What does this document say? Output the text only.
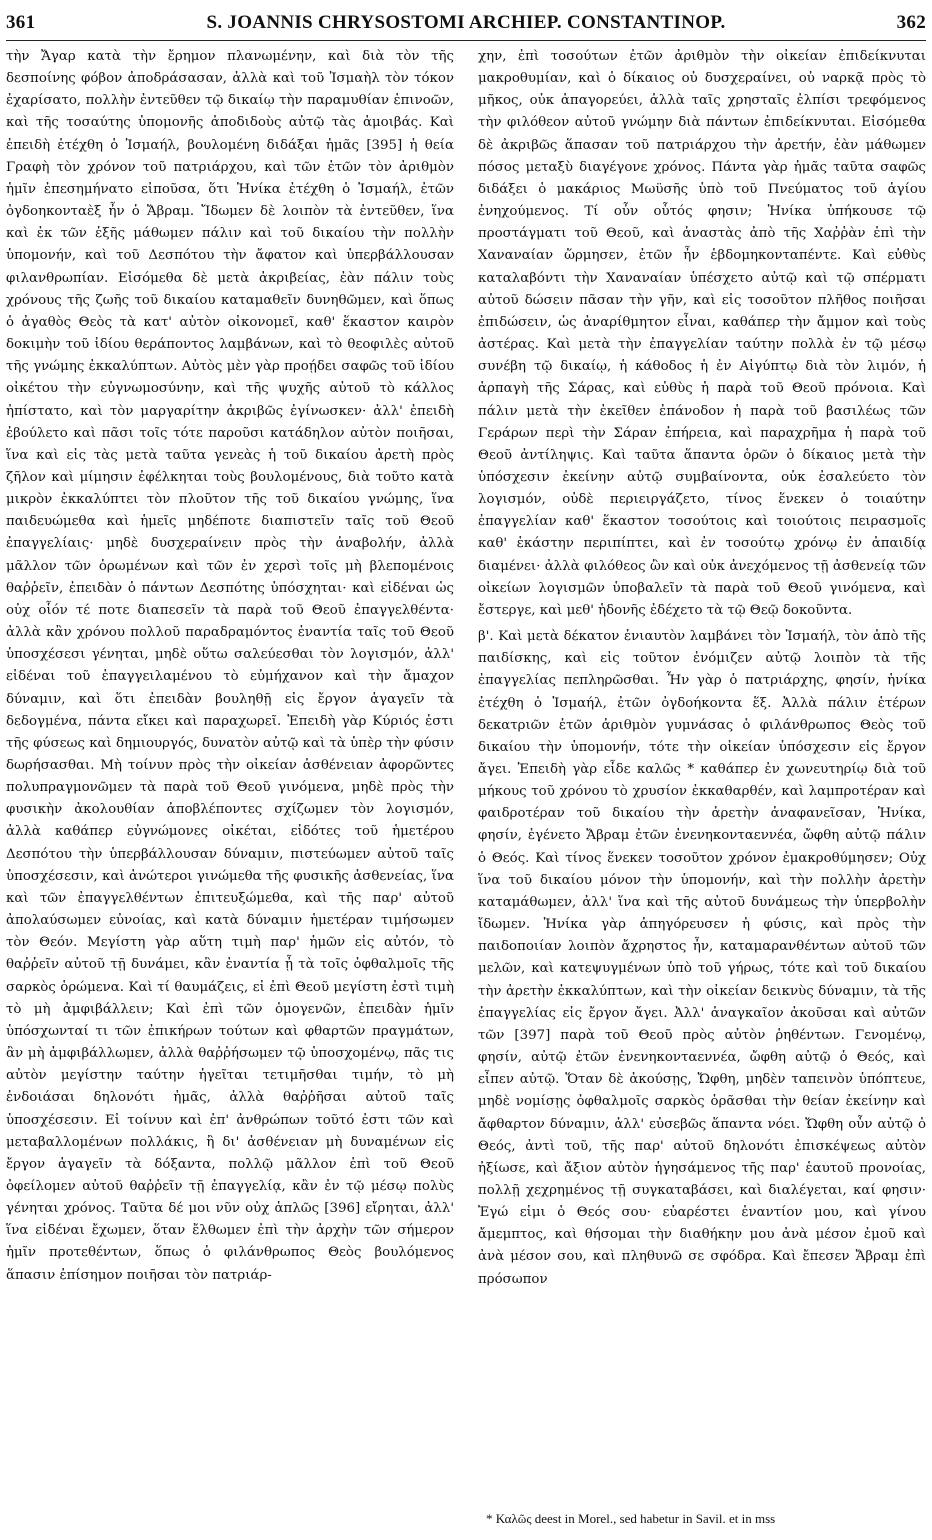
361	S. JOANNIS CHRYSOSTOMI ARCHIEP. CONSTANTINOP.	362

τὴν Ἄγαρ κατὰ τὴν ἔρημον πλανωμένην, καὶ διὰ τὸν τῆς δεσποίνης φόβον ἀποδράσασαν, ἀλλὰ καὶ τοῦ Ἰσμαὴλ τὸν τόκον ἐχαρίσατο, πολλὴν ἐντεῦθεν τῷ δικαίῳ τὴν παραμυθίαν ἐπινοῶν, καὶ τῆς τοσαύτης ὑπομονῆς ἀποδιδοὺς αὐτῷ τὰς ἀμοιβάς. Καὶ ἐπειδὴ ἐτέχθη ὁ Ἰσμαήλ, βουλομένη διδάξαι ἡμᾶς [395] ἡ θεία Γραφὴ τὸν χρόνον τοῦ πατριάρχου, καὶ τῶν ἐτῶν τὸν ἀριθμὸν ἡμῖν ἐπεσημήνατο εἰποῦσα, ὅτι Ἡνίκα ἐτέχθη ὁ Ἰσμαήλ, ἐτῶν ὀγδοηκονταὲξ ἦν ὁ Ἄβραμ. Ἴδωμεν δὲ λοιπὸν τὰ ἐντεῦθεν, ἵνα καὶ ἐκ τῶν ἑξῆς μάθωμεν πάλιν καὶ τοῦ δικαίου τὴν πολλὴν ὑπομονήν, καὶ τοῦ Δεσπότου τὴν ἄφατον καὶ ὑπερβάλλουσαν φιλανθρωπίαν. Εἰσόμεθα δὲ μετὰ ἀκριβείας, ἐὰν πάλιν τοὺς χρόνους τῆς ζωῆς τοῦ δικαίου καταμαθεῖν δυνηθῶμεν, καὶ ὅπως ὁ ἀγαθὸς Θεὸς τὰ κατ' αὐτὸν οἰκονομεῖ, καθ' ἕκαστον καιρὸν δοκιμὴν τοῦ ἰδίου θεράποντος λαμβάνων, καὶ τὸ θεοφιλὲς αὐτοῦ τῆς γνώμης ἐκκαλύπτων. Αὐτὸς μὲν γὰρ προῄδει σαφῶς τοῦ ἰδίου οἰκέτου τὴν εὐγνωμοσύνην, καὶ τῆς ψυχῆς αὐτοῦ τὸ κάλλος ἠπίστατο, καὶ τὸν μαργαρίτην ἀκριβῶς ἐγίνωσκεν· ἀλλ' ἐπειδὴ ἐβούλετο καὶ πᾶσι τοῖς τότε παροῦσι κατάδηλον αὐτὸν ποιῆσαι, ἵνα καὶ εἰς τὰς μετὰ ταῦτα γενεὰς ἡ τοῦ δικαίου ἀρετὴ πρὸς ζῆλον καὶ μίμησιν ἐφέλκηται τοὺς βουλομένους, διὰ τοῦτο κατὰ μικρὸν ἐκκαλύπτει τὸν πλοῦτον τῆς τοῦ δικαίου γνώμης, ἵνα παιδευώμεθα καὶ ἡμεῖς μηδέποτε διαπιστεῖν ταῖς τοῦ Θεοῦ ἐπαγγελίαις· μηδὲ δυσχεραίνειν πρὸς τὴν ἀναβολήν, ἀλλὰ μᾶλλον τῶν ὁρωμένων καὶ τῶν ἐν χερσὶ τοῖς μὴ βλεπομένοις θαῤῥεῖν, ἐπειδὰν ὁ πάντων Δεσπότης ὑπόσχηται· καὶ εἰδέναι ὡς οὐχ οἷόν τέ ποτε διαπεσεῖν τὰ παρὰ τοῦ Θεοῦ ἐπαγγελθέντα· ἀλλὰ κἂν χρόνου πολλοῦ παραδραμόντος ἐναντία ταῖς τοῦ Θεοῦ ὑποσχέσεσι γένηται, μηδὲ οὕτω σαλεύεσθαι τὸν λογισμόν, ἀλλ' εἰδέναι τοῦ ἐπαγγειλαμένου τὸ εὐμήχανον καὶ τὴν ἄμαχον δύναμιν, καὶ ὅτι ἐπειδὰν βουληθῇ εἰς ἔργον ἀγαγεῖν τὰ δεδογμένα, πάντα εἴκει καὶ παραχωρεῖ. Ἐπειδὴ γὰρ Κύριός ἐστι τῆς φύσεως καὶ δημιουργός, δυνατὸν αὐτῷ καὶ τὰ ὑπὲρ τὴν φύσιν δωρήσασθαι. Μὴ τοίνυν πρὸς τὴν οἰκείαν ἀσθένειαν ἀφορῶντες πολυπραγμονῶμεν τὰ παρὰ τοῦ Θεοῦ γινόμενα, μηδὲ πρὸς τὴν φυσικὴν ἀκολουθίαν ἀποβλέποντες σχίζωμεν τὸν λογισμόν, ἀλλὰ καθάπερ εὐγνώμονες οἰκέται, εἰδότες τοῦ ἡμετέρου Δεσπότου τὴν ὑπερβάλλουσαν δύναμιν, πιστεύωμεν αὐτοῦ ταῖς ὑποσχέσεσιν, καὶ ἀνώτεροι γινώμεθα τῆς φυσικῆς ἀσθενείας, ἵνα καὶ τῶν ἐπαγγελθέντων ἐπιτευξώμεθα, καὶ τῆς παρ' αὐτοῦ ἀπολαύσωμεν εὐνοίας, καὶ κατὰ δύναμιν ἡμετέραν τιμήσωμεν τὸν Θεόν. Μεγίστη γὰρ αὕτη τιμὴ παρ' ἡμῶν εἰς αὐτόν, τὸ θαῤῥεῖν αὐτοῦ τῇ δυνάμει, κἂν ἐναντία ᾖ τὰ τοῖς ὀφθαλμοῖς τῆς σαρκὸς ὁρώμενα. Καὶ τί θαυμάζεις, εἰ ἐπὶ Θεοῦ μεγίστη ἐστὶ τιμὴ τὸ μὴ ἀμφιβάλλειν; Καὶ ἐπὶ τῶν ὁμογενῶν, ἐπειδὰν ἡμῖν ὑπόσχωνταί τι τῶν ἐπικήρων τούτων καὶ φθαρτῶν πραγμάτων, ἂν μὴ ἀμφιβάλλωμεν, ἀλλὰ θαῤῥήσωμεν τῷ ὑποσχομένῳ, πᾶς τις αὐτὸν μεγίστην ταύτην ἡγεῖται τετιμῆσθαι τιμήν, τὸ μὴ ἐνδοιάσαι δηλονότι ἡμᾶς, ἀλλὰ θαῤῥῆσαι αὐτοῦ ταῖς ὑποσχέσεσιν. Εἰ τοίνυν καὶ ἐπ' ἀνθρώπων τοῦτό ἐστι τῶν καὶ μεταβαλλομένων πολλάκις, ἢ δι' ἀσθένειαν μὴ δυναμένων εἰς ἔργον ἀγαγεῖν τὰ δόξαντα, πολλῷ μᾶλλον ἐπὶ τοῦ Θεοῦ ὀφείλομεν αὐτοῦ θαῤῥεῖν τῇ ἐπαγγελίᾳ, κἂν ἐν τῷ μέσῳ πολὺς γένηται χρόνος. Ταῦτα δέ μοι νῦν οὐχ ἁπλῶς [396] εἴρηται, ἀλλ' ἵνα εἰδέναι ἔχωμεν, ὅταν ἔλθωμεν ἐπὶ τὴν ἀρχὴν τῶν σήμερον ἡμῖν προτεθέντων, ὅπως ὁ φιλάνθρωπος Θεὸς βουλόμενος ἅπασιν ἐπίσημον ποιῆσαι τὸν πατριάρ-

χην, ἐπὶ τοσούτων ἐτῶν ἀριθμὸν τὴν οἰκείαν ἐπιδείκνυται μακροθυμίαν, καὶ ὁ δίκαιος οὐ δυσχεραίνει, οὐ ναρκᾷ πρὸς τὸ μῆκος, οὐκ ἀπαγορεύει, ἀλλὰ ταῖς χρησταῖς ἐλπίσι τρεφόμενος τὴν φιλόθεον αὐτοῦ γνώμην διὰ πάντων ἐπιδείκνυται. Εἰσόμεθα δὲ ἀκριβῶς ἅπασαν τοῦ πατριάρχου τὴν ἀρετήν, ἐὰν μάθωμεν πόσος μεταξὺ διαγέγονε χρόνος. Πάντα γὰρ ἡμᾶς ταῦτα σαφῶς διδάξει ὁ μακάριος Μωϋσῆς ὑπὸ τοῦ Πνεύματος τοῦ ἁγίου ἐνηχούμενος. Τί οὖν οὗτός φησιν; Ἡνίκα ὑπήκουσε τῷ προστάγματι τοῦ Θεοῦ, καὶ ἀναστὰς ἀπὸ τῆς Χαῤῥὰν ἐπὶ τὴν Χαναναίαν ὥρμησεν, ἐτῶν ἦν ἑβδομηκονταπέντε. Καὶ εὐθὺς καταλαβόντι τὴν Χαναναίαν ὑπέσχετο αὐτῷ καὶ τῷ σπέρματι αὐτοῦ δώσειν πᾶσαν τὴν γῆν, καὶ εἰς τοσοῦτον πλῆθος ποιῆσαι ἐπιδώσειν, ὡς ἀναρίθμητον εἶναι, καθάπερ τὴν ἄμμον καὶ τοὺς ἀστέρας. Καὶ μετὰ τὴν ἐπαγγελίαν ταύτην πολλὰ ἐν τῷ μέσῳ συνέβη τῷ δικαίῳ, ἡ κάθοδος ἡ ἐν Αἰγύπτῳ διὰ τὸν λιμόν, ἡ ἁρπαγὴ τῆς Σάρας, καὶ εὐθὺς ἡ παρὰ τοῦ Θεοῦ πρόνοια. Καὶ πάλιν μετὰ τὴν ἐκεῖθεν ἐπάνοδον ἡ παρὰ τοῦ βασιλέως τῶν Γεράρων περὶ τὴν Σάραν ἐπήρεια, καὶ παραχρῆμα ἡ παρὰ τοῦ Θεοῦ ἀντίληψις. Καὶ ταῦτα ἅπαντα ὁρῶν ὁ δίκαιος μετὰ τὴν ὑπόσχεσιν ἐκείνην αὐτῷ συμβαίνοντα, οὐκ ἐσαλεύετο τὸν λογισμόν, οὐδὲ περιειργάζετο, τίνος ἕνεκεν ὁ τοιαύτην ἐπαγγελίαν καθ' ἕκαστον τοσούτοις καὶ τοιούτοις πειρασμοῖς καθ' ἑκάστην περιπίπτει, καὶ ἐν τοσούτῳ χρόνῳ ἐν ἀπαιδίᾳ διαμένει· ἀλλὰ φιλόθεος ὢν καὶ οὐκ ἀνεχόμενος τῇ ἀσθενείᾳ τῶν οἰκείων λογισμῶν ὑποβαλεῖν τὰ παρὰ τοῦ Θεοῦ γινόμενα, καὶ ἔστεργε, καὶ μεθ' ἡδονῆς ἐδέχετο τὰ τῷ Θεῷ δοκοῦντα.

β'. Καὶ μετὰ δέκατον ἐνιαυτὸν λαμβάνει τὸν Ἰσμαήλ, τὸν ἀπὸ τῆς παιδίσκης, καὶ εἰς τοῦτον ἐνόμιζεν αὐτῷ λοιπὸν τὰ τῆς ἐπαγγελίας πεπληρῶσθαι. Ἦν γὰρ ὁ πατριάρχης, φησίν, ἡνίκα ἐτέχθη ὁ Ἰσμαήλ, ἐτῶν ὀγδοήκοντα ἕξ. Ἀλλὰ πάλιν ἑτέρων δεκατριῶν ἐτῶν ἀριθμὸν γυμνάσας ὁ φιλάνθρωπος Θεὸς τοῦ δικαίου τὴν ὑπομονήν, τότε τὴν οἰκείαν ὑπόσχεσιν εἰς ἔργον ἄγει. Ἐπειδὴ γὰρ εἶδε καλῶς * καθάπερ ἐν χωνευτηρίῳ διὰ τοῦ μήκους τοῦ χρόνου τὸ χρυσίον ἐκκαθαρθέν, καὶ λαμπροτέραν καὶ φαιδροτέραν τοῦ δικαίου τὴν ἀρετὴν ἀναφανεῖσαν, Ἡνίκα, φησίν, ἐγένετο Ἄβραμ ἐτῶν ἐνενηκονταεννέα, ὤφθη αὐτῷ πάλιν ὁ Θεός. Καὶ τίνος ἕνεκεν τοσοῦτον χρόνον ἐμακροθύμησεν; Οὐχ ἵνα τοῦ δικαίου μόνον τὴν ὑπομονήν, καὶ τὴν πολλὴν ἀρετὴν καταμάθωμεν, ἀλλ' ἵνα καὶ τῆς αὐτοῦ δυνάμεως τὴν ὑπερβολὴν ἴδωμεν. Ἡνίκα γὰρ ἀπηγόρευσεν ἡ φύσις, καὶ πρὸς τὴν παιδοποιίαν λοιπὸν ἄχρηστος ἦν, καταμαρανθέντων αὐτοῦ τῶν μελῶν, καὶ κατεψυγμένων ὑπὸ τοῦ γήρως, τότε καὶ τοῦ δικαίου τὴν ἀρετὴν ἐκκαλύπτων, καὶ τὴν οἰκείαν δεικνὺς δύναμιν, τὰ τῆς ἐπαγγελίας εἰς ἔργον ἄγει. Ἀλλ' ἀναγκαῖον ἀκοῦσαι καὶ αὐτῶν τῶν [397] παρὰ τοῦ Θεοῦ πρὸς αὐτὸν ῥηθέντων. Γενομένῳ, φησίν, αὐτῷ ἐτῶν ἐνενηκονταεννέα, ὤφθη αὐτῷ ὁ Θεός, καὶ εἶπεν αὐτῷ. Ὅταν δὲ ἀκούσῃς, Ὤφθη, μηδὲν ταπεινὸν ὑπόπτευε, μηδὲ νομίσῃς ὀφθαλμοῖς σαρκὸς ὁρᾶσθαι τὴν θείαν ἐκείνην καὶ ἄφθαρτον δύναμιν, ἀλλ' εὐσεβῶς ἅπαντα νόει. Ὤφθη οὖν αὐτῷ ὁ Θεός, ἀντὶ τοῦ, τῆς παρ' αὐτοῦ δηλονότι ἐπισκέψεως αὐτὸν ἠξίωσε, καὶ ἄξιον αὐτὸν ἡγησάμενος τῆς παρ' ἑαυτοῦ προνοίας, πολλῇ χεχρημένος τῇ συγκαταβάσει, καὶ διαλέγεται, καί φησιν· Ἐγώ εἰμι ὁ Θεός σου· εὐαρέστει ἐναντίον μου, καὶ γίνου ἄμεμπτος, καὶ θήσομαι τὴν διαθήκην μου ἀνὰ μέσον ἐμοῦ καὶ ἀνὰ μέσον σου, καὶ πληθυνῶ σε σφόδρα. Καὶ ἔπεσεν Ἄβραμ ἐπὶ πρόσωπον

* Καλῶς deest in Morel., sed habetur in Savil. et in mss
